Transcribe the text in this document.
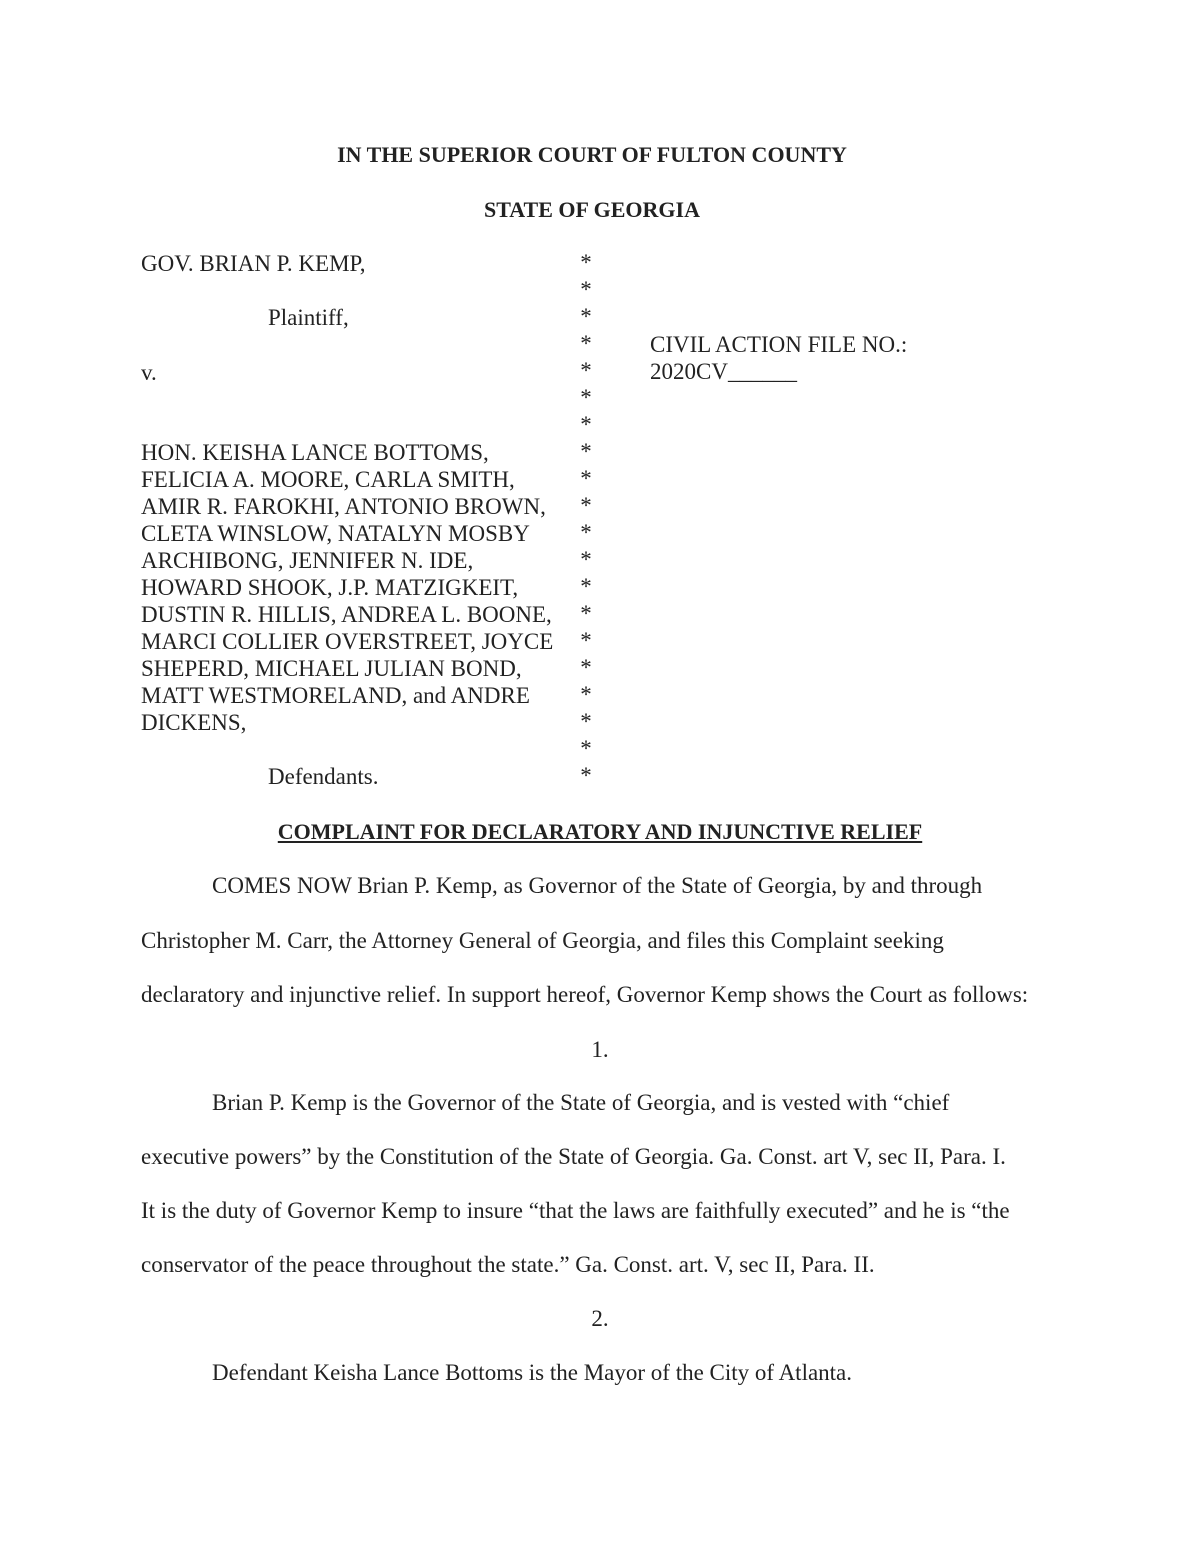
IN THE SUPERIOR COURT OF FULTON COUNTY
STATE OF GEORGIA
GOV. BRIAN P. KEMP,
Plaintiff,
v.
HON. KEISHA LANCE BOTTOMS,
FELICIA A. MOORE, CARLA SMITH,
AMIR R. FAROKHI, ANTONIO BROWN,
CLETA WINSLOW, NATALYN MOSBY
ARCHIBONG, JENNIFER N. IDE,
HOWARD SHOOK, J.P. MATZIGKEIT,
DUSTIN R. HILLIS, ANDREA L. BOONE,
MARCI COLLIER OVERSTREET, JOYCE
SHEPERD, MICHAEL JULIAN BOND,
MATT WESTMORELAND, and ANDRE
DICKENS,
Defendants.
*
*
*
*
*
*
*
*
*
*
*
*
*
*
*
*
*
*
*
*
CIVIL ACTION FILE NO.:
2020CV______
COMPLAINT FOR DECLARATORY AND INJUNCTIVE RELIEF
COMES NOW Brian P. Kemp, as Governor of the State of Georgia, by and through
Christopher M. Carr, the Attorney General of Georgia, and files this Complaint seeking
declaratory and injunctive relief. In support hereof, Governor Kemp shows the Court as follows:
1.
Brian P. Kemp is the Governor of the State of Georgia, and is vested with “chief
executive powers” by the Constitution of the State of Georgia. Ga. Const. art V, sec II, Para. I.
It is the duty of Governor Kemp to insure “that the laws are faithfully executed” and he is “the
conservator of the peace throughout the state.” Ga. Const. art. V, sec II, Para. II.
2.
Defendant Keisha Lance Bottoms is the Mayor of the City of Atlanta.
